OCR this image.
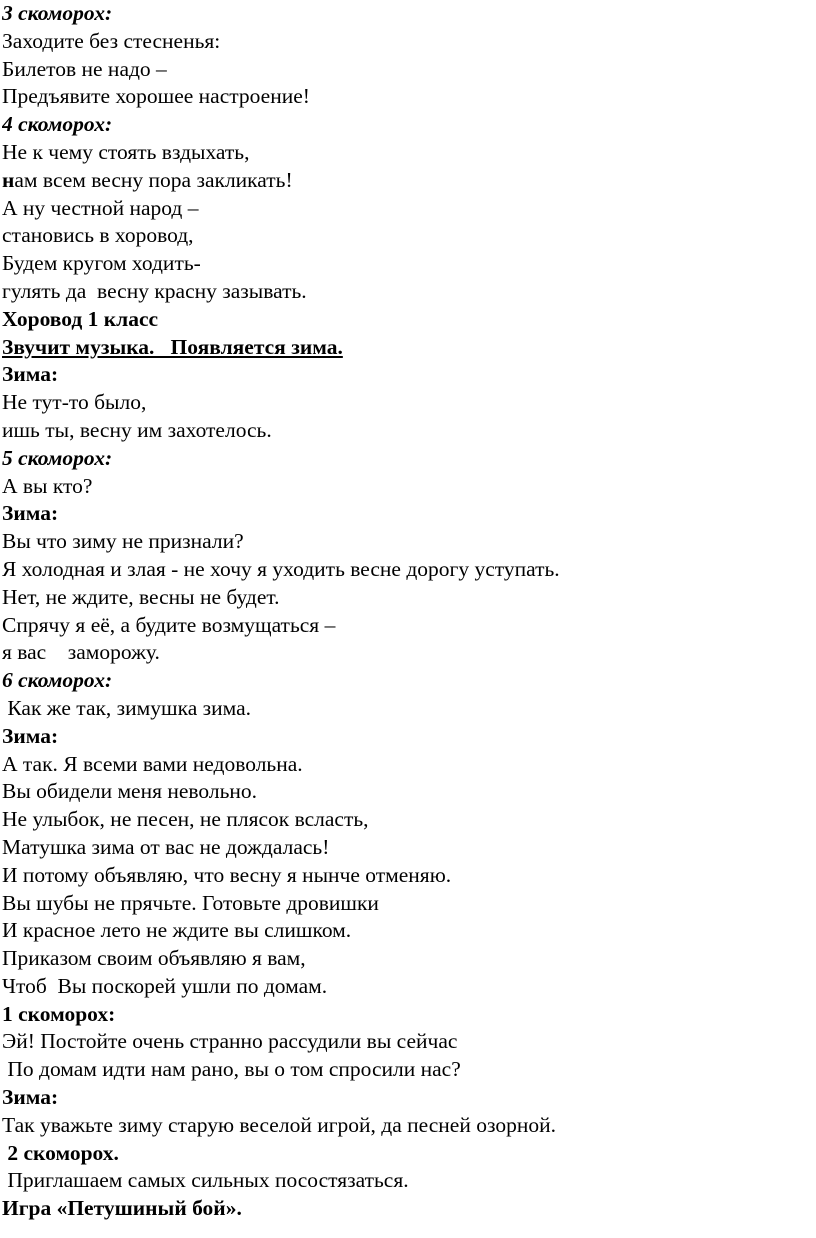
3 скоморох:
Заходите без стесненья:
Билетов не надо –
Предъявите хорошее настроение!
4 скоморох:
Не к чему стоять вздыхать,
нам всем весну пора закликать!
А ну честной народ –
становись в хоровод,
Будем кругом ходить-
гулять да  весну красну зазывать.
Хоровод 1 класс
Звучит музыка.   Появляется зима.
Зима:
Не тут-то было,
ишь ты, весну им захотелось.
5 скоморох:
А вы кто?
Зима:
Вы что зиму не признали?
Я холодная и злая - не хочу я уходить весне дорогу уступать.
Нет, не ждите, весны не будет.
Спрячу я её, а будите возмущаться –
я вас    заморожу.
6 скоморох:
Как же так, зимушка зима.
Зима:
А так. Я всеми вами недовольна.
Вы обидели меня невольно.
Не улыбок, не песен, не плясок всласть,
Матушка зима от вас не дождалась!
И потому объявляю, что весну я нынче отменяю.
Вы шубы не прячьте. Готовьте дровишки
И красное лето не ждите вы слишком.
Приказом своим объявляю я вам,
Чтоб  Вы поскорей ушли по домам.
1 скоморох:
Эй! Постойте очень странно рассудили вы сейчас
По домам идти нам рано, вы о том спросили нас?
Зима:
Так уважьте зиму старую веселой игрой, да песней озорной.
2 скоморох.
Приглашаем самых сильных посостязаться.
Игра «Петушиный бой».
